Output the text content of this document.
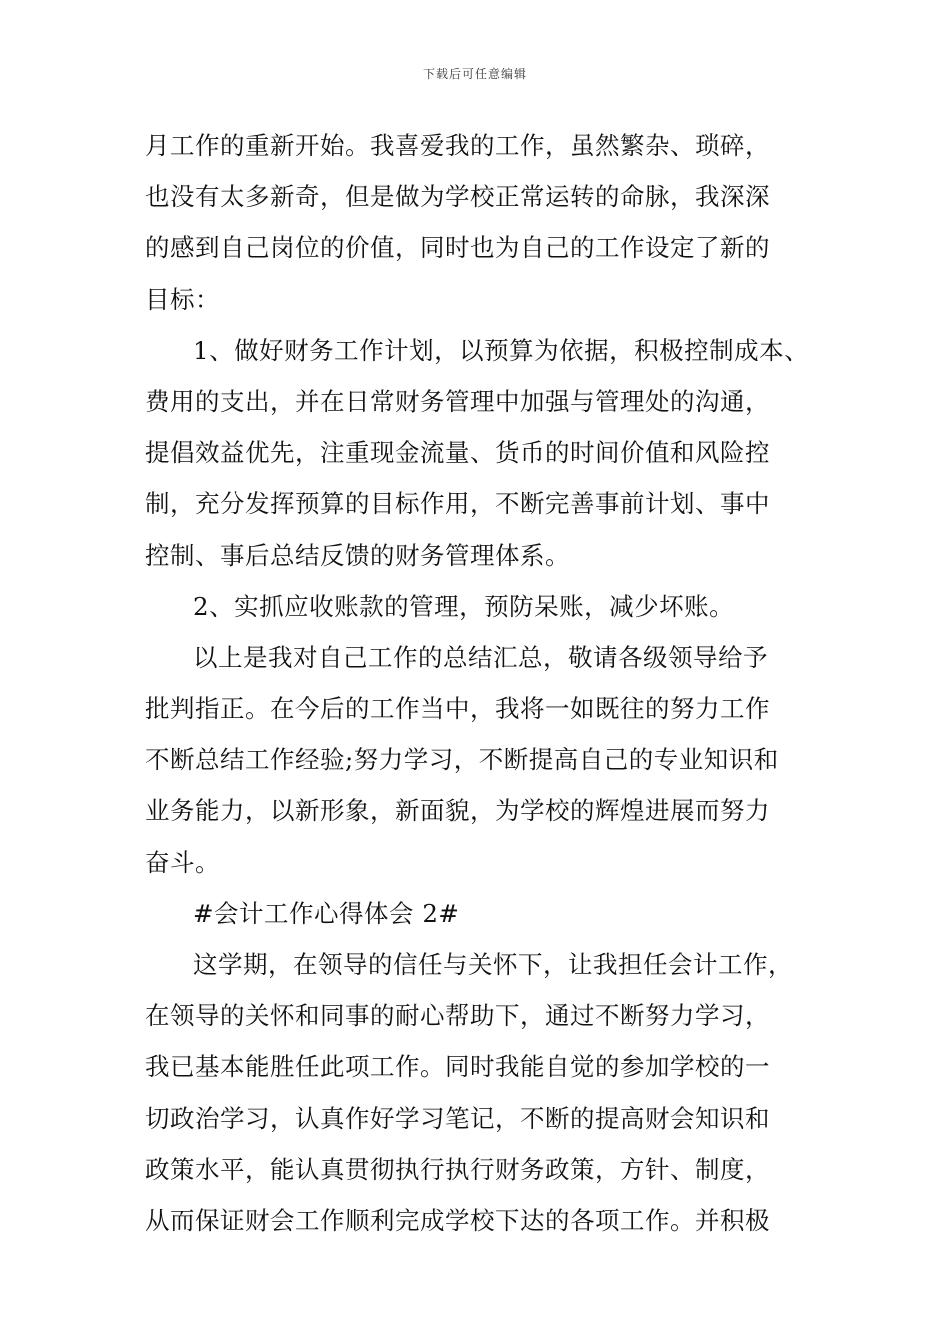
下载后可任意编辑
月工作的重新开始。我喜爱我的工作，虽然繁杂、琐碎，
也没有太多新奇，但是做为学校正常运转的命脉，我深深
的感到自己岗位的价值，同时也为自己的工作设定了新的
目标：
1、做好财务工作计划，以预算为依据，积极控制成本、
费用的支出，并在日常财务管理中加强与管理处的沟通，
提倡效益优先，注重现金流量、货币的时间价值和风险控
制，充分发挥预算的目标作用，不断完善事前计划、事中
控制、事后总结反馈的财务管理体系。
2、实抓应收账款的管理，预防呆账，减少坏账。
以上是我对自己工作的总结汇总，敬请各级领导给予
批判指正。在今后的工作当中，我将一如既往的努力工作
不断总结工作经验;努力学习，不断提高自己的专业知识和
业务能力，以新形象，新面貌，为学校的辉煌进展而努力
奋斗。
#会计工作心得体会 2#
这学期，在领导的信任与关怀下，让我担任会计工作，
在领导的关怀和同事的耐心帮助下，通过不断努力学习，
我已基本能胜任此项工作。同时我能自觉的参加学校的一
切政治学习，认真作好学习笔记，不断的提高财会知识和
政策水平，能认真贯彻执行执行财务政策，方针、制度，
从而保证财会工作顺利完成学校下达的各项工作。并积极
